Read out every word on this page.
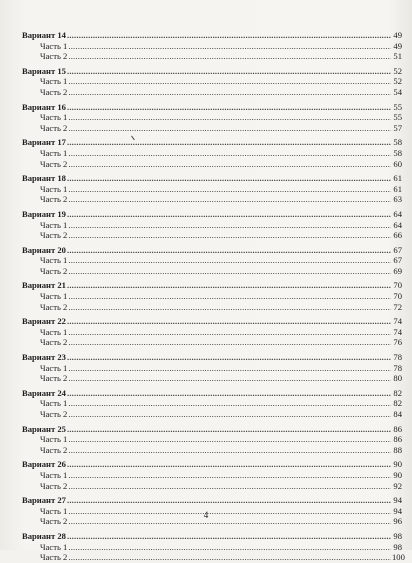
Вариант 14 .....	49
Часть 1 .....	49
Часть 2 .....	51
Вариант 15 .....	52
Часть 1 .....	52
Часть 2 .....	54
Вариант 16 .....	55
Часть 1 .....	55
Часть 2 .....	57
Вариант 17 .....	58
Часть 1 .....	58
Часть 2 .....	60
Вариант 18 .....	61
Часть 1 .....	61
Часть 2 .....	63
Вариант 19 .....	64
Часть 1 .....	64
Часть 2 .....	66
Вариант 20 .....	67
Часть 1 .....	67
Часть 2 .....	69
Вариант 21 .....	70
Часть 1 .....	70
Часть 2 .....	72
Вариант 22 .....	74
Часть 1 .....	74
Часть 2 .....	76
Вариант 23 .....	78
Часть 1 .....	78
Часть 2 .....	80
Вариант 24 .....	82
Часть 1 .....	82
Часть 2 .....	84
Вариант 25 .....	86
Часть 1 .....	86
Часть 2 .....	88
Вариант 26 .....	90
Часть 1 .....	90
Часть 2 .....	92
Вариант 27 .....	94
Часть 1 .....	94
Часть 2 .....	96
Вариант 28 .....	98
Часть 1 .....	98
Часть 2 .....	100
4
